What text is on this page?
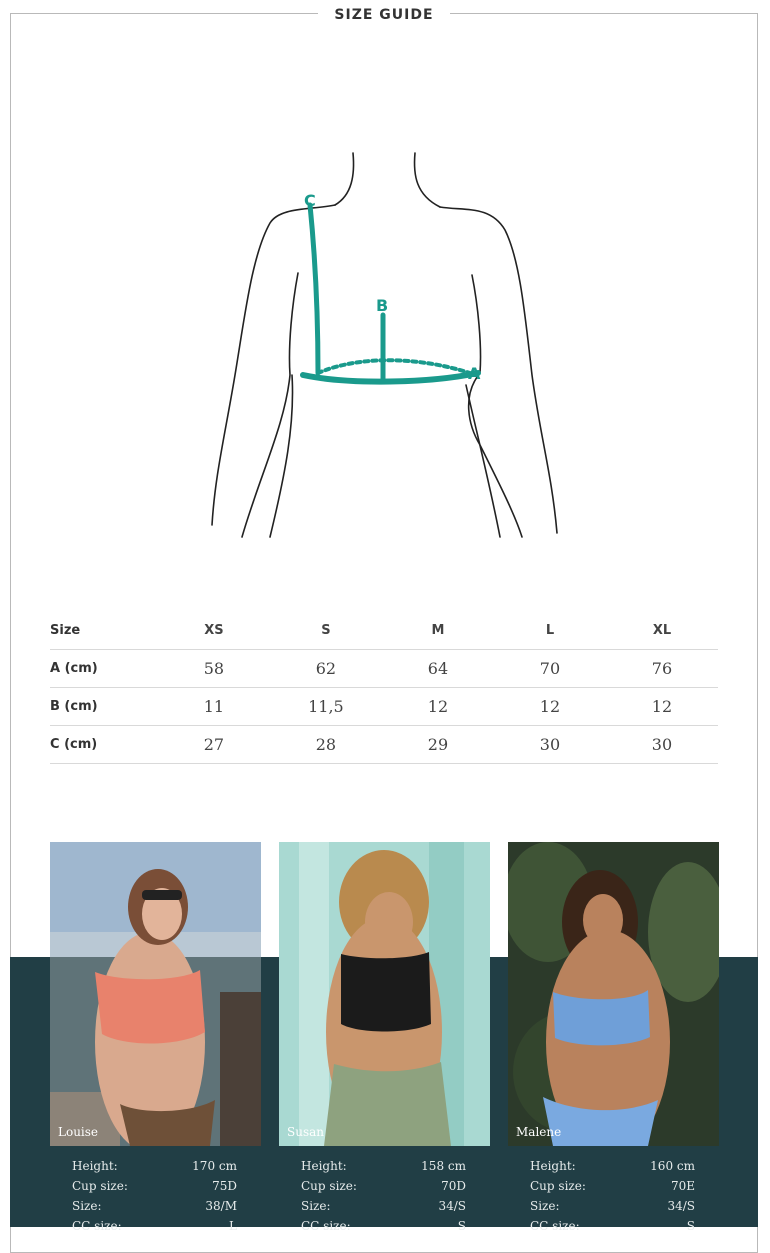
SIZE GUIDE
C
B
A
Size	XS	S	M	L	XL
A (cm)	58	62	64	70	76
B (cm)	11	11,5	12	12	12
C (cm)	27	28	29	30	30
Louise
Height:	170 cm
Cup size:	75D
Size:	38/M
CC size:	L
Susan
Height:	158 cm
Cup size:	70D
Size:	34/S
CC size:	S
Malene
Height:	160 cm
Cup size:	70E
Size:	34/S
CC size:	S
